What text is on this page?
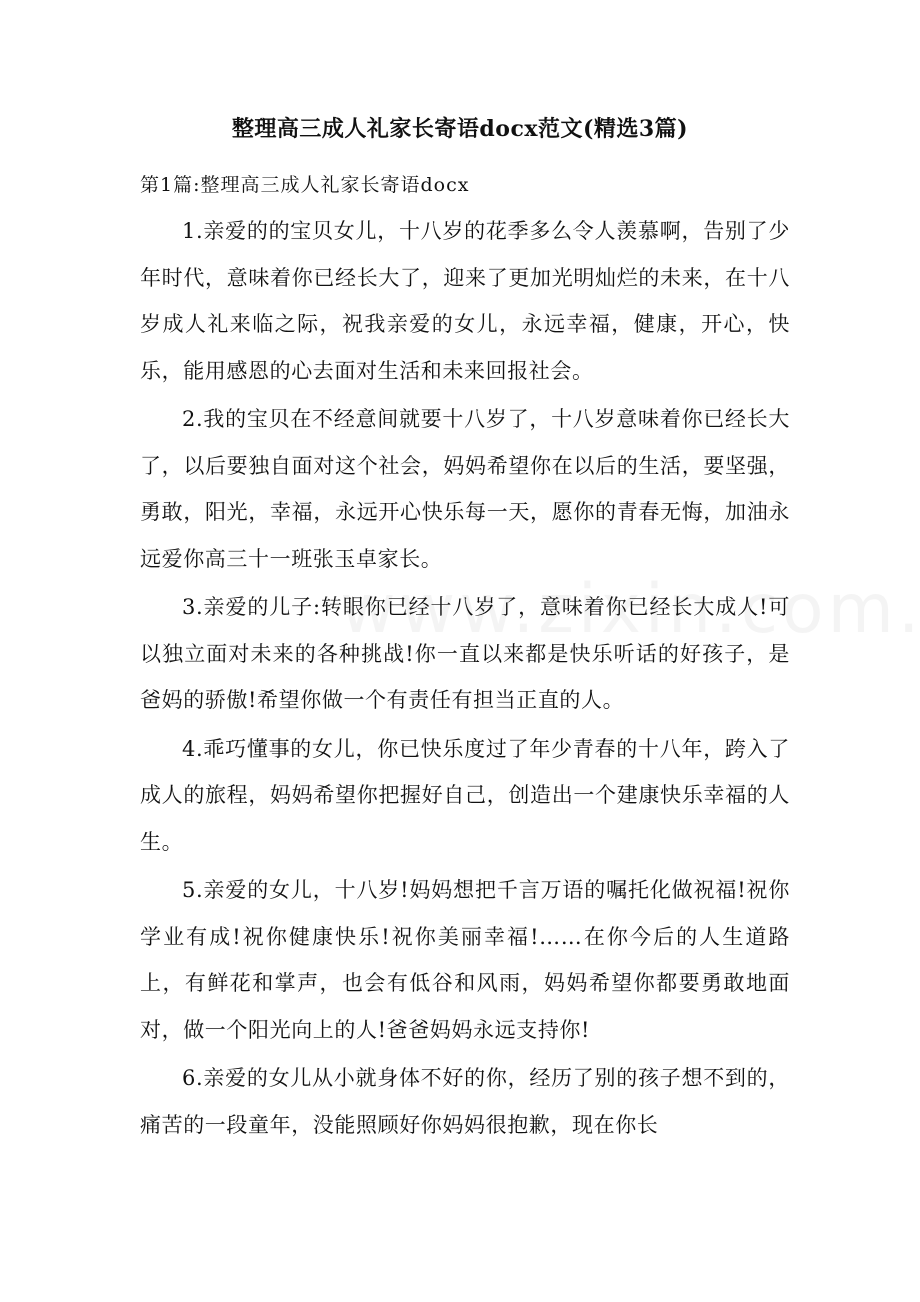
整理高三成人礼家长寄语docx范文(精选3篇)
第1篇:整理高三成人礼家长寄语docx

1.亲爱的的宝贝女儿，十八岁的花季多么令人羡慕啊，告别了少年时代，意味着你已经长大了，迎来了更加光明灿烂的未来，在十八岁成人礼来临之际，祝我亲爱的女儿，永远幸福，健康，开心，快乐，能用感恩的心去面对生活和未来回报社会。

2.我的宝贝在不经意间就要十八岁了，十八岁意味着你已经长大了，以后要独自面对这个社会，妈妈希望你在以后的生活，要坚强，勇敢，阳光，幸福，永远开心快乐每一天，愿你的青春无悔，加油永远爱你高三十一班张玉卓家长。

3.亲爱的儿子:转眼你已经十八岁了，意味着你已经长大成人!可以独立面对未来的各种挑战!你一直以来都是快乐听话的好孩子，是爸妈的骄傲!希望你做一个有责任有担当正直的人。

4.乖巧懂事的女儿，你已快乐度过了年少青春的十八年，跨入了成人的旅程，妈妈希望你把握好自己，创造出一个建康快乐幸福的人生。

5.亲爱的女儿，十八岁!妈妈想把千言万语的嘱托化做祝福!祝你学业有成!祝你健康快乐!祝你美丽幸福!……在你今后的人生道路上，有鲜花和掌声，也会有低谷和风雨，妈妈希望你都要勇敢地面对，做一个阳光向上的人!爸爸妈妈永远支持你!

6.亲爱的女儿从小就身体不好的你，经历了别的孩子想不到的，痛苦的一段童年，没能照顾好你妈妈很抱歉，现在你长
